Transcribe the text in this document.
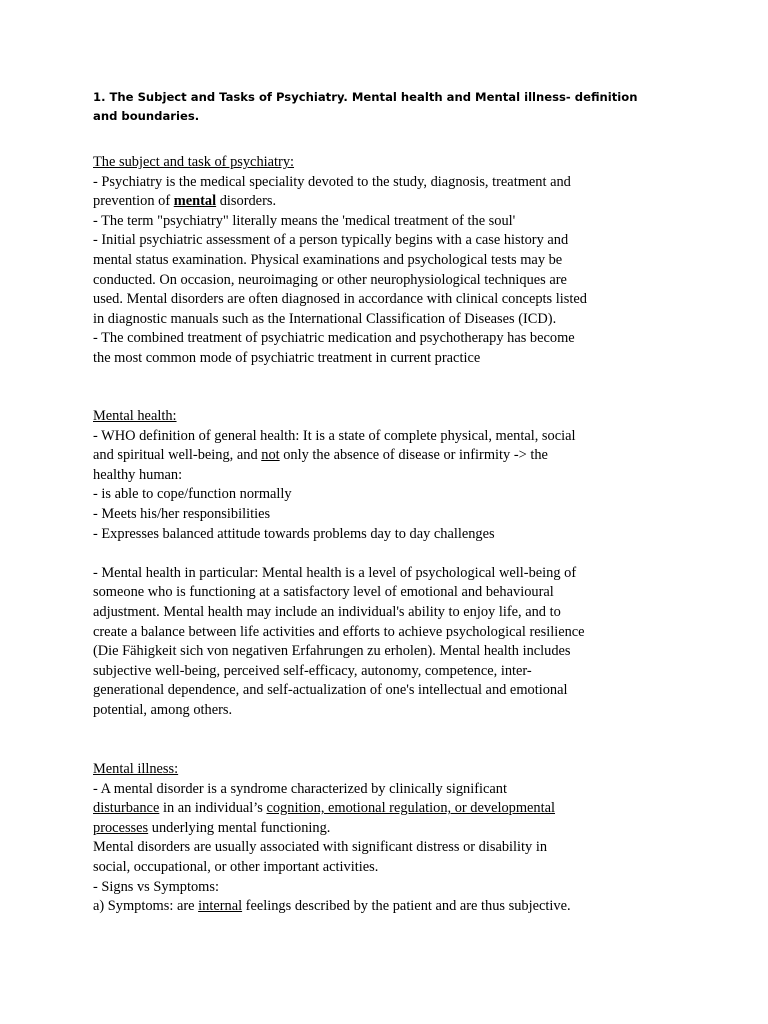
1. The Subject and Tasks of Psychiatry. Mental health and Mental illness- definition and boundaries.

The subject and task of psychiatry:
- Psychiatry is the medical speciality devoted to the study, diagnosis, treatment and
prevention of mental disorders.
- The term "psychiatry" literally means the 'medical treatment of the soul'
- Initial psychiatric assessment of a person typically begins with a case history and
mental status examination. Physical examinations and psychological tests may be
conducted. On occasion, neuroimaging or other neurophysiological techniques are
used. Mental disorders are often diagnosed in accordance with clinical concepts listed
in diagnostic manuals such as the International Classification of Diseases (ICD).
- The combined treatment of psychiatric medication and psychotherapy has become
the most common mode of psychiatric treatment in current practice
Mental health:
- WHO definition of general health: It is a state of complete physical, mental, social
and spiritual well-being, and not only the absence of disease or infirmity -> the
healthy human:
- is able to cope/function normally
- Meets his/her responsibilities
- Expresses balanced attitude towards problems day to day challenges
- Mental health in particular: Mental health is a level of psychological well-being of
someone who is functioning at a satisfactory level of emotional and behavioural
adjustment. Mental health may include an individual's ability to enjoy life, and to
create a balance between life activities and efforts to achieve psychological resilience
(Die Fähigkeit sich von negativen Erfahrungen zu erholen). Mental health includes
subjective well-being, perceived self-efficacy, autonomy, competence, inter-
generational dependence, and self-actualization of one's intellectual and emotional
potential, among others.
Mental illness:
- A mental disorder is a syndrome characterized by clinically significant
disturbance in an individual’s cognition, emotional regulation, or developmental
processes underlying mental functioning.
Mental disorders are usually associated with significant distress or disability in
social, occupational, or other important activities.
- Signs vs Symptoms:
a) Symptoms: are internal feelings described by the patient and are thus subjective.
